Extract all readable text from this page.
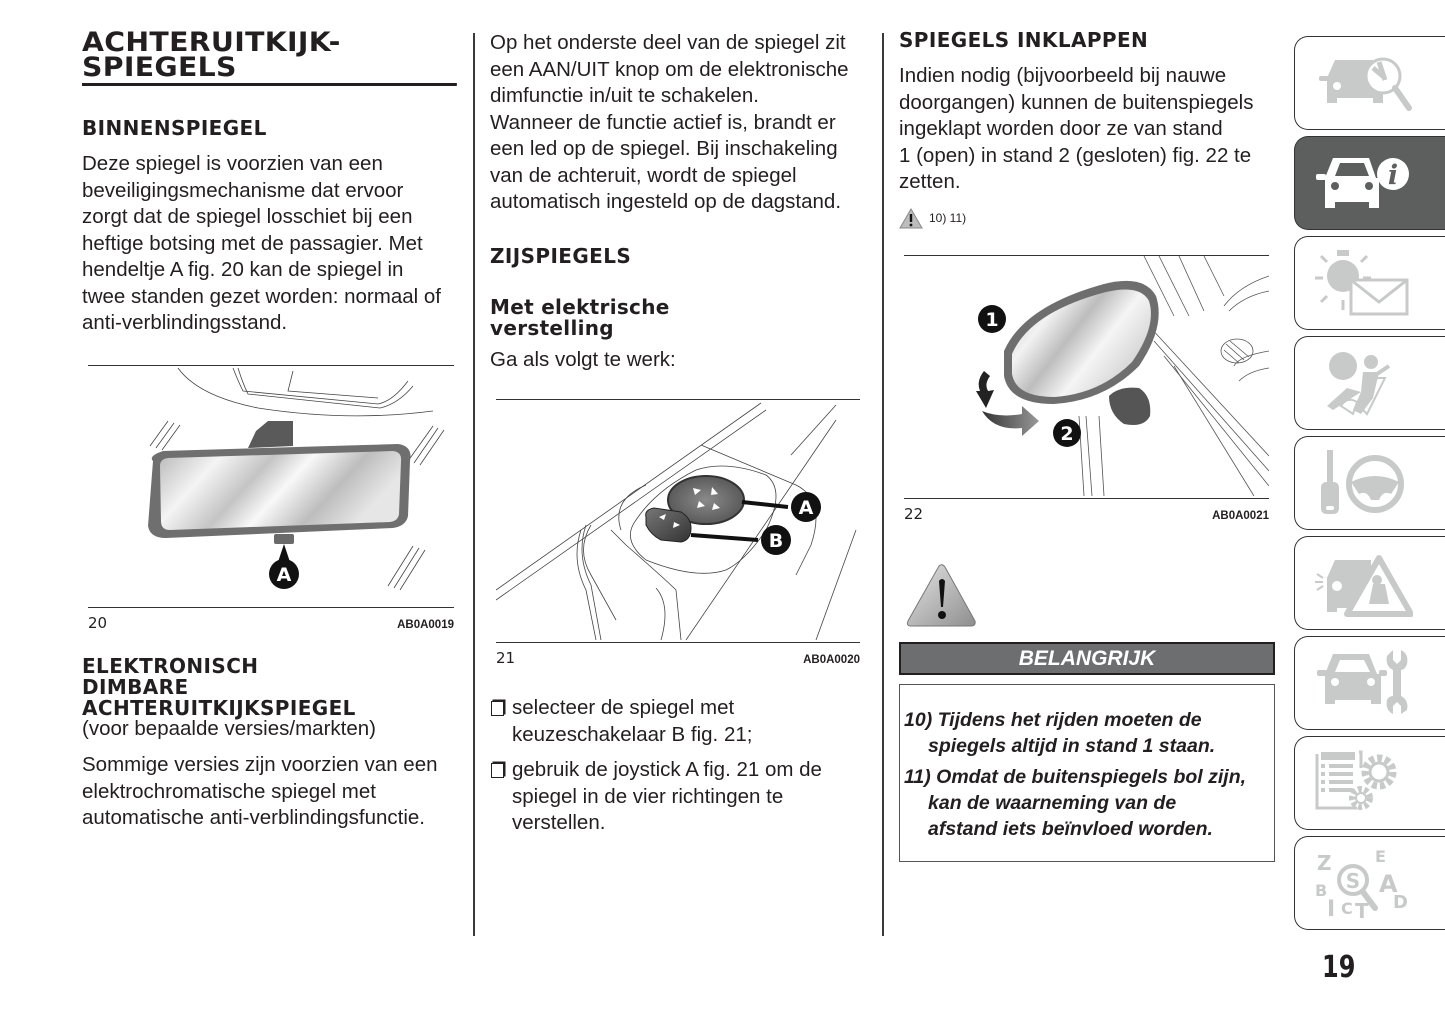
ACHTERUITKIJK-
SPIEGELS
BINNENSPIEGEL
Deze spiegel is voorzien van een
beveiligingsmechanisme dat ervoor
zorgt dat de spiegel losschiet bij een
heftige botsing met de passagier. Met
hendeltje A fig. 20 kan de spiegel in
twee standen gezet worden: normaal of
anti-verblindingsstand.
A
20	AB0A0019
ELEKTRONISCH
DIMBARE
ACHTERUITKIJKSPIEGEL
(voor bepaalde versies/markten)
Sommige versies zijn voorzien van een
elektrochromatische spiegel met
automatische anti-verblindingsfunctie.
Op het onderste deel van de spiegel zit
een AAN/UIT knop om de elektronische
dimfunctie in/uit te schakelen.
Wanneer de functie actief is, brandt er
een led op de spiegel. Bij inschakeling
van de achteruit, wordt de spiegel
automatisch ingesteld op de dagstand.
ZIJSPIEGELS
Met elektrische
verstelling
Ga als volgt te werk:
A
B
21	AB0A0020
selecteer de spiegel met
keuzeschakelaar B fig. 21;
gebruik de joystick A fig. 21 om de
spiegel in de vier richtingen te
verstellen.
SPIEGELS INKLAPPEN
Indien nodig (bijvoorbeeld bij nauwe
doorgangen) kunnen de buitenspiegels
ingeklapt worden door ze van stand
1 (open) in stand 2 (gesloten) fig. 22 te
zetten.
10) 11)
1
2
22	AB0A0021
BELANGRIJK
10) Tijdens het rijden moeten de
spiegels altijd in stand 1 staan.
11) Omdat de buitenspiegels bol zijn,
kan de waarneming van de
afstand iets beïnvloed worden.
i
Z
B
I C T
E
A
D
S
19
